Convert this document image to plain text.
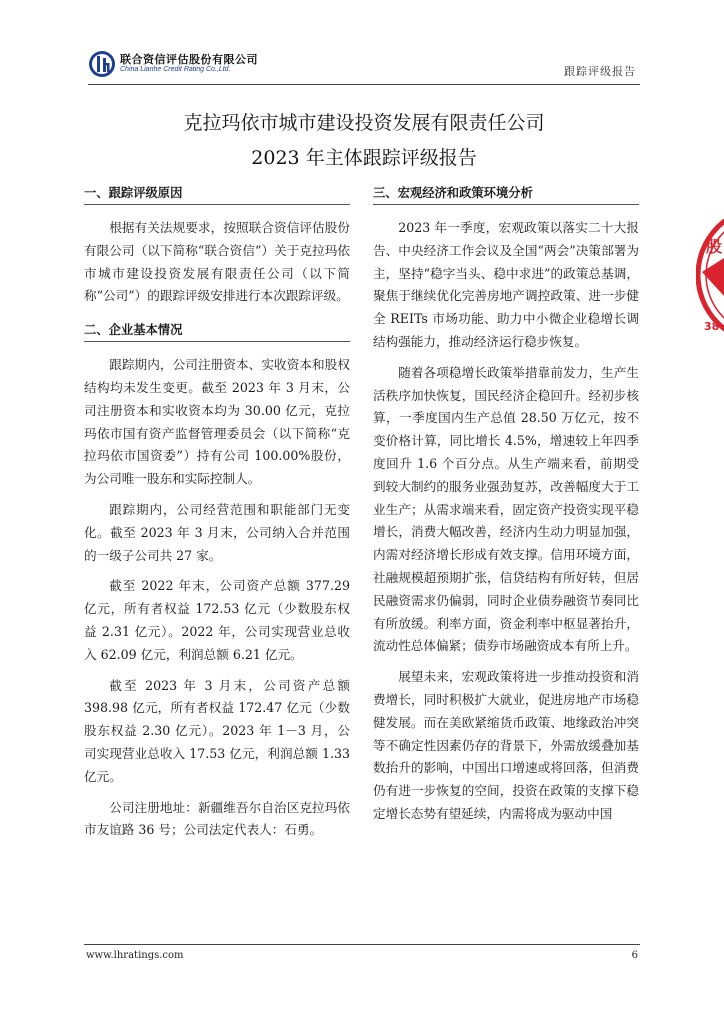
联合资信评估股份有限公司
China Lianhe Credit Rating Co.,Ltd.	跟踪评级报告
克拉玛依市城市建设投资发展有限责任公司
2023 年主体跟踪评级报告
一、跟踪评级原因

根据有关法规要求，按照联合资信评估股份有限公司（以下简称“联合资信”）关于克拉玛依市城市建设投资发展有限责任公司（以下简称“公司”）的跟踪评级安排进行本次跟踪评级。

二、企业基本情况

跟踪期内，公司注册资本、实收资本和股权结构均未发生变更。截至 2023 年 3 月末，公司注册资本和实收资本均为 30.00 亿元，克拉玛依市国有资产监督管理委员会（以下简称“克拉玛依市国资委”）持有公司 100.00%股份，为公司唯一股东和实际控制人。

跟踪期内，公司经营范围和职能部门无变化。截至 2023 年 3 月末，公司纳入合并范围的一级子公司共 27 家。

截至 2022 年末，公司资产总额 377.29 亿元，所有者权益 172.53 亿元（少数股东权益 2.31 亿元）。2022 年，公司实现营业总收入 62.09 亿元，利润总额 6.21 亿元。

截至 2023 年 3 月末，公司资产总额 398.98 亿元，所有者权益 172.47 亿元（少数股东权益 2.30 亿元）。2023 年 1－3 月，公司实现营业总收入 17.53 亿元，利润总额 1.33 亿元。

公司注册地址：新疆维吾尔自治区克拉玛依市友谊路 36 号；公司法定代表人：石勇。

三、宏观经济和政策环境分析

2023 年一季度，宏观政策以落实二十大报告、中央经济工作会议及全国“两会”决策部署为主，坚持“稳字当头、稳中求进”的政策总基调，聚焦于继续优化完善房地产调控政策、进一步健全 REITs 市场功能、助力中小微企业稳增长调结构强能力，推动经济运行稳步恢复。

随着各项稳增长政策举措靠前发力，生产生活秩序加快恢复，国民经济企稳回升。经初步核算，一季度国内生产总值 28.50 万亿元，按不变价格计算，同比增长 4.5%，增速较上年四季度回升 1.6 个百分点。从生产端来看，前期受到较大制约的服务业强劲复苏，改善幅度大于工业生产；从需求端来看，固定资产投资实现平稳增长，消费大幅改善，经济内生动力明显加强，内需对经济增长形成有效支撑。信用环境方面，社融规模超预期扩张，信贷结构有所好转，但居民融资需求仍偏弱，同时企业债券融资节奏同比有所放缓。利率方面，资金利率中枢显著抬升，流动性总体偏紧；债券市场融资成本有所上升。

展望未来，宏观政策将进一步推动投资和消费增长，同时积极扩大就业，促进房地产市场稳健发展。而在美欧紧缩货币政策、地缘政治冲突等不确定性因素仍存的背景下，外需放缓叠加基数抬升的影响，中国出口增速或将回落，但消费仍有进一步恢复的空间，投资在政策的支撑下稳定增长态势有望延续，内需将成为驱动中国

股
38
www.lhratings.com	6
